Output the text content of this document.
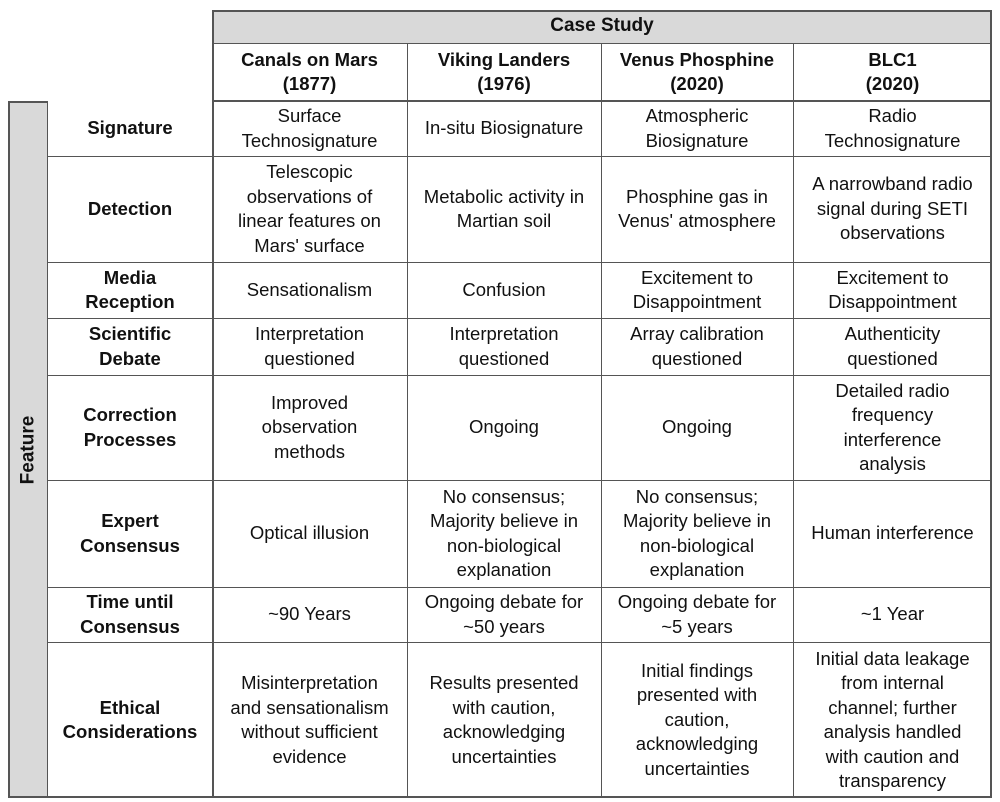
Case Study
Feature
Canals on Mars
(1877)
Viking Landers
(1976)
Venus Phosphine
(2020)
BLC1
(2020)
Signature
Surface
Technosignature
In-situ Biosignature
Atmospheric
Biosignature
Radio
Technosignature
Detection
Telescopic
observations of
linear features on
Mars' surface
Metabolic activity in
Martian soil
Phosphine gas in
Venus' atmosphere
A narrowband radio
signal during SETI
observations
Media
Reception
Sensationalism	Confusion
Excitement to
Disappointment
Excitement to
Disappointment
Scientific
Debate
Interpretation
questioned
Interpretation
questioned
Array calibration
questioned
Authenticity
questioned
Correction
Processes
Improved
observation
methods
Ongoing	Ongoing
Detailed radio
frequency
interference
analysis
Expert
Consensus
Optical illusion
No consensus;
Majority believe in
non-biological
explanation
No consensus;
Majority believe in
non-biological
explanation
Human interference
Time until
Consensus
~90 Years
Ongoing debate for
~50 years
Ongoing debate for
~5 years
~1 Year
Ethical
Considerations
Misinterpretation
and sensationalism
without sufficient
evidence
Results presented
with caution,
acknowledging
uncertainties
Initial findings
presented with
caution,
acknowledging
uncertainties
Initial data leakage
from internal
channel; further
analysis handled
with caution and
transparency
